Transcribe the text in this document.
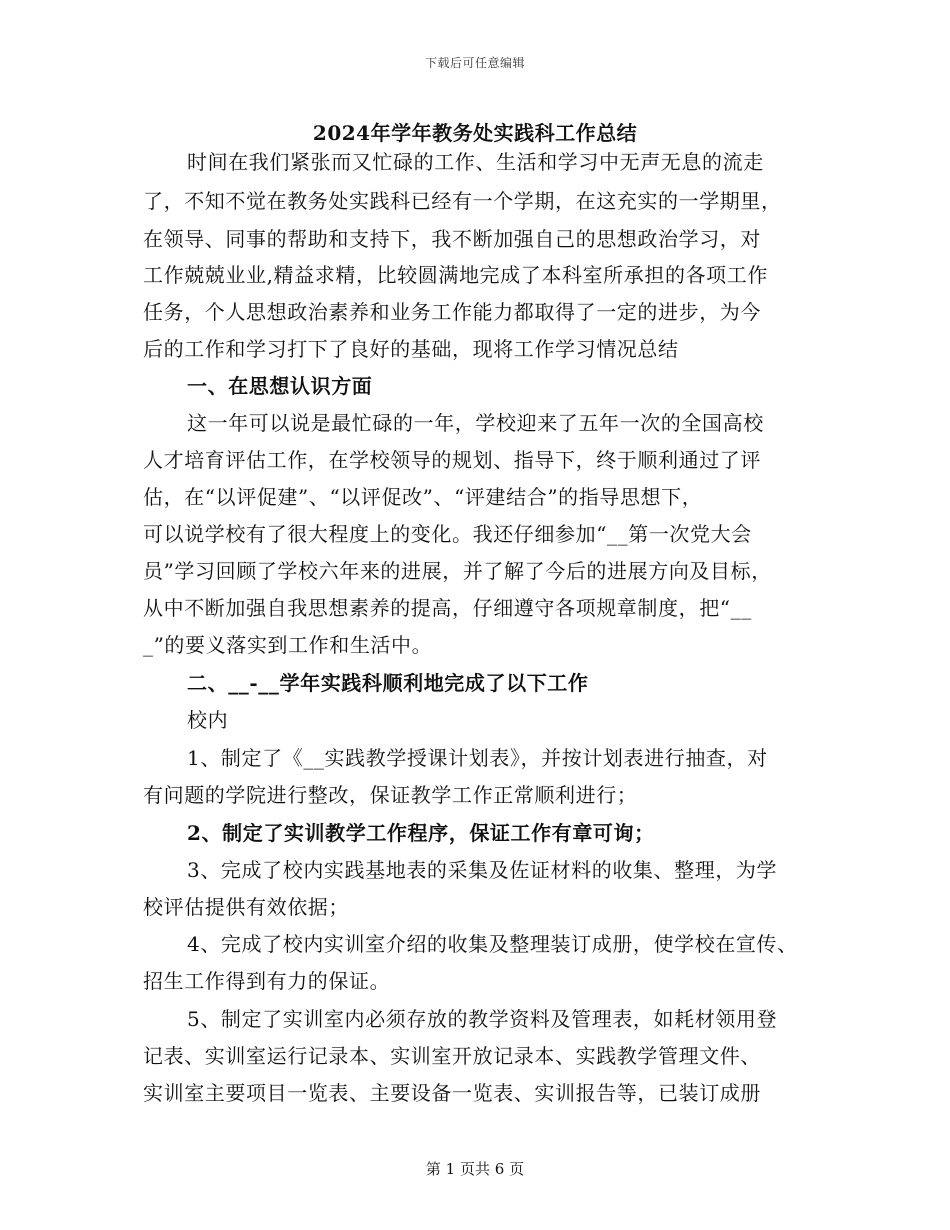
下载后可任意编辑
2024年学年教务处实践科工作总结
时间在我们紧张而又忙碌的工作、生活和学习中无声无息的流走
了，不知不觉在教务处实践科已经有一个学期，在这充实的一学期里，
在领导、同事的帮助和支持下，我不断加强自己的思想政治学习，对
工作兢兢业业,精益求精，比较圆满地完成了本科室所承担的各项工作
任务，个人思想政治素养和业务工作能力都取得了一定的进步，为今
后的工作和学习打下了良好的基础，现将工作学习情况总结
一、在思想认识方面
这一年可以说是最忙碌的一年，学校迎来了五年一次的全国高校
人才培育评估工作，在学校领导的规划、指导下，终于顺利通过了评
估，在“以评促建”、“以评促改”、“评建结合”的指导思想下，
可以说学校有了很大程度上的变化。我还仔细参加“__第一次党大会
员”学习回顾了学校六年来的进展，并了解了今后的进展方向及目标，
从中不断加强自我思想素养的提高，仔细遵守各项规章制度，把“__
_”的要义落实到工作和生活中。
二、__-__学年实践科顺利地完成了以下工作
校内
1、制定了《__实践教学授课计划表》，并按计划表进行抽查，对
有问题的学院进行整改，保证教学工作正常顺利进行；
2、制定了实训教学工作程序，保证工作有章可询；
3、完成了校内实践基地表的采集及佐证材料的收集、整理，为学
校评估提供有效依据；
4、完成了校内实训室介绍的收集及整理装订成册，使学校在宣传、
招生工作得到有力的保证。
5、制定了实训室内必须存放的教学资料及管理表，如耗材领用登
记表、实训室运行记录本、实训室开放记录本、实践教学管理文件、
实训室主要项目一览表、主要设备一览表、实训报告等，已装订成册
第 1 页共 6 页
